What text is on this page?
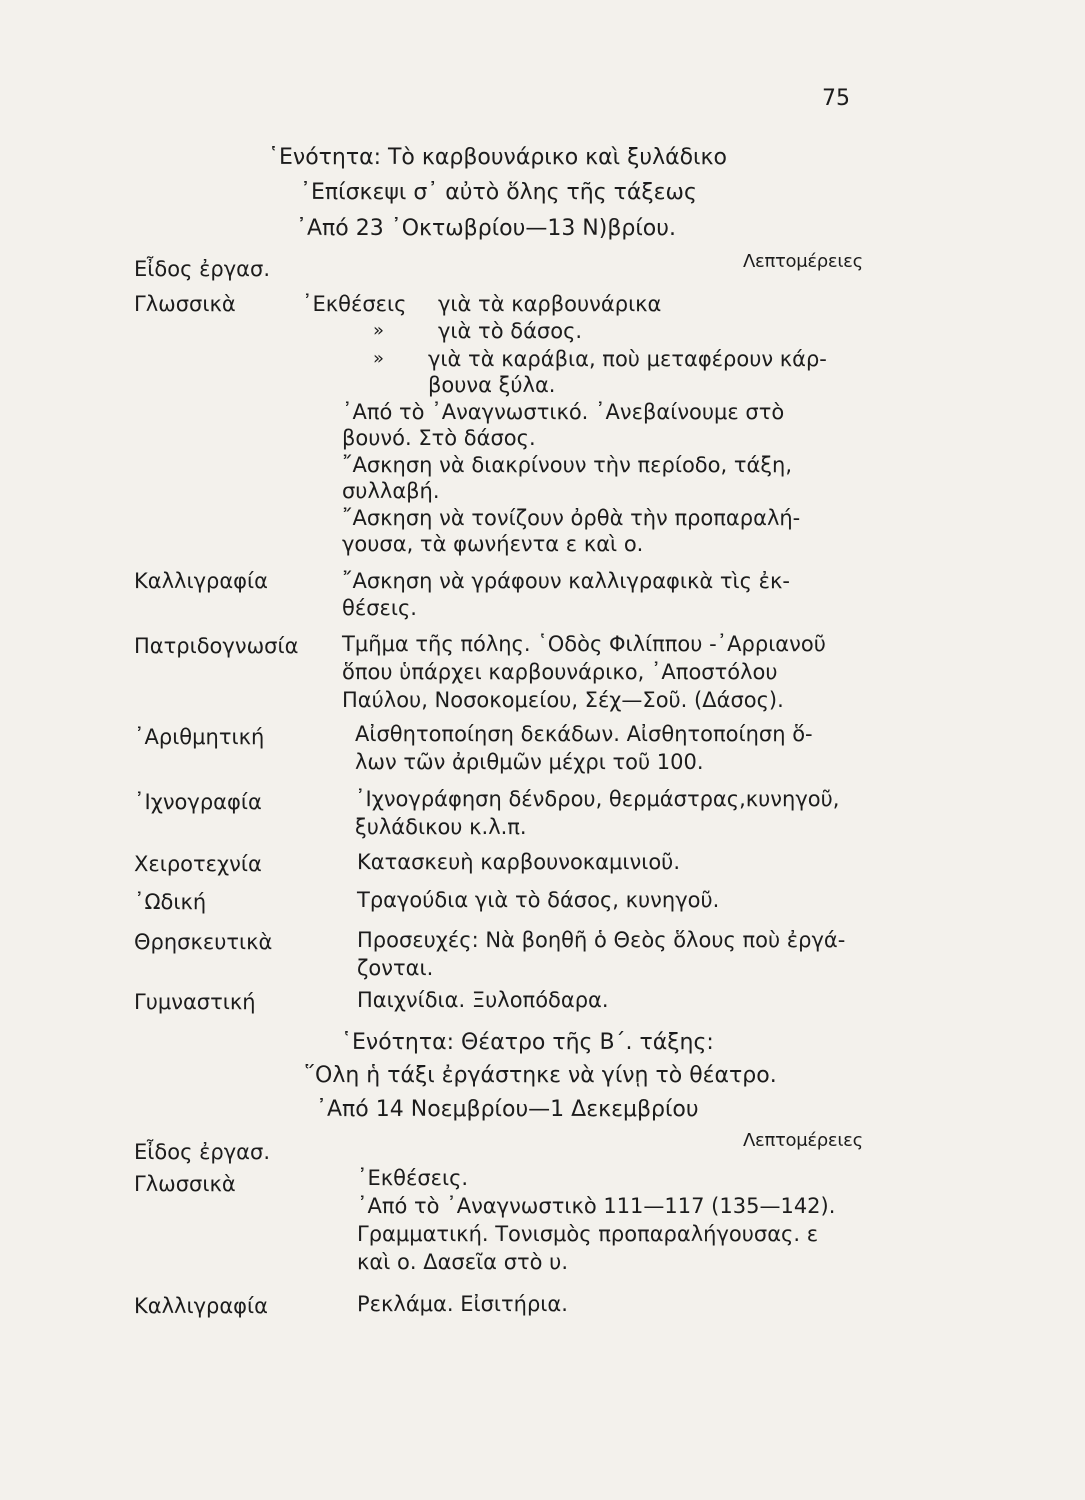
75
῾Ενότητα: Τὸ καρβουνάρικο καὶ ξυλάδικο
᾿Επίσκεψι σ᾿ αὐτὸ ὅλης τῆς τάξεως
᾿Από 23 ᾿Οκτωβρίου—13 Ν)βρίου.
Εἶδος ἐργασ.	Λεπτομέρειες
Γλωσσικὰ	᾿Εκθέσεις γιὰ τὰ καρβουνάρικα
»	γιὰ τὸ δάσος.
» γιὰ τὰ καράβια, ποὺ μεταφέρουν κάρ-
βουνα ξύλα.
᾿Από τὸ ᾿Αναγνωστικό. ᾿Ανεβαίνουμε στὸ
βουνό. Στὸ δάσος.
῎Ασκηση νὰ διακρίνουν τὴν περίοδο, τάξη,
συλλαβή.
῎Ασκηση νὰ τονίζουν ὀρθὰ τὴν προπαραλή-
γουσα, τὰ φωνήεντα ε καὶ ο.
Καλλιγραφία	῎Ασκηση νὰ γράφουν καλλιγραφικὰ τὶς ἐκ-
θέσεις.
Πατριδογνωσία Τμῆμα τῆς πόλης. ῾Οδὸς Φιλίππου -᾿Αρριανοῦ
ὅπου ὑπάρχει καρβουνάρικο, ᾿Αποστόλου
Παύλου, Νοσοκομείου, Σέχ—Σοῦ. (Δάσος).
᾿Αριθμητική	Αἰσθητοποίηση δεκάδων. Αἰσθητοποίηση ὅ-
λων τῶν ἀριθμῶν μέχρι τοῦ 100.
᾿Ιχνογραφία	᾿Ιχνογράφηση δένδρου, θερμάστρας,κυνηγοῦ,
ξυλάδικου κ.λ.π.
Χειροτεχνία	Κατασκευὴ καρβουνοκαμινιοῦ.
᾿Ωδική	Τραγούδια γιὰ τὸ δάσος, κυνηγοῦ.
Θρησκευτικὰ	Προσευχές: Νὰ βοηθῆ ὁ Θεὸς ὅλους ποὺ ἐργά-
ζονται.
Γυμναστική	Παιχνίδια. Ξυλοπόδαρα.
῾Ενότητα: Θέατρο τῆς Β΄. τάξης:
῞Ολη ἡ τάξι ἐργάστηκε νὰ γίνῃ τὸ θέατρο.
᾿Από 14 Νοεμβρίου—1 Δεκεμβρίου
Εἶδος ἐργασ.	Λεπτομέρειες
Γλωσσικὰ	᾿Εκθέσεις.
᾿Από τὸ ᾿Αναγνωστικὸ 111—117 (135—142).
Γραμματική. Τονισμὸς προπαραλήγουσας. ε
καὶ ο. Δασεῖα στὸ υ.
Καλλιγραφία	Ρεκλάμα. Εἰσιτήρια.
